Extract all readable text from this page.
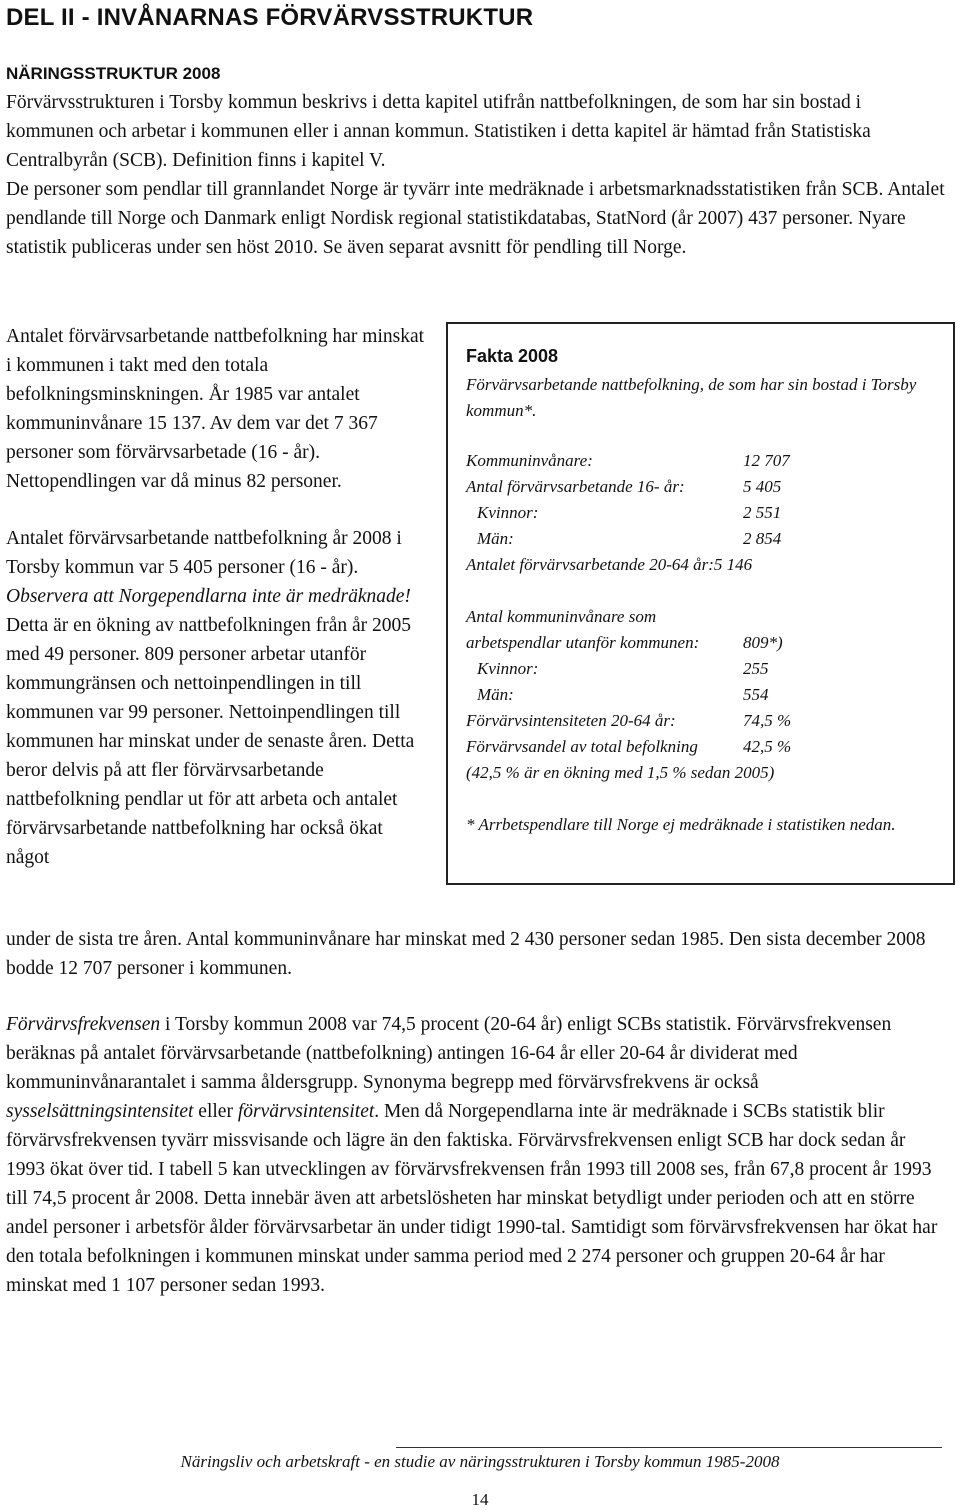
DEL II - INVÅNARNAS FÖRVÄRVSSTRUKTUR
NÄRINGSSTRUKTUR 2008

Förvärvsstrukturen i Torsby kommun beskrivs i detta kapitel utifrån nattbefolkningen, de som har sin bostad i kommunen och arbetar i kommunen eller i annan kommun. Statistiken i detta kapitel är hämtad från Statistiska Centralbyrån (SCB). Definition finns i kapitel V.

De personer som pendlar till grannlandet Norge är tyvärr inte medräknade i arbetsmarknadsstatistiken från SCB. Antalet pendlande till Norge och Danmark enligt Nordisk regional statistikdatabas, StatNord (år 2007) 437 personer. Nyare statistik publiceras under sen höst 2010. Se även separat avsnitt för pendling till Norge.

Antalet förvärvsarbetande nattbefolkning har minskat i kommunen i takt med den totala befolkningsminskningen. År 1985 var antalet kommuninvånare 15 137. Av dem var det 7 367 personer som förvärvsarbetade (16 - år). Nettopendlingen var då minus 82 personer.

Antalet förvärvsarbetande nattbefolkning år 2008 i Torsby kommun var 5 405 personer (16 - år). Observera att Norgependlarna inte är medräknade! Detta är en ökning av nattbefolkningen från år 2005 med 49 personer. 809 personer arbetar utanför kommungränsen och nettoinpendlingen in till kommunen var 99 personer. Nettoinpendlingen till kommunen har minskat under de senaste åren. Detta beror delvis på att fler förvärvsarbetande nattbefolkning pendlar ut för att arbeta och antalet förvärvsarbetande nattbefolkning har också ökat något

under de sista tre åren. Antal kommuninvånare har minskat med 2 430 personer sedan 1985. Den sista december 2008 bodde 12 707 personer i kommunen.

Fakta 2008
Förvärvsarbetande nattbefolkning, de som har sin bostad i Torsby kommun*.
Kommuninvånare:	12 707
Antal förvärvsarbetande 16- år:	5 405
Kvinnor:	2 551
Män:	2 854
Antalet förvärvsarbetande 20-64 år:5 146
Antal kommuninvånare som
arbetspendlar utanför kommunen:	809*)
Kvinnor:	255
Män:	554
Förvärvsintensiteten 20-64 år:	74,5 %
Förvärvsandel av total befolkning	42,5 %
(42,5 % är en ökning med 1,5 % sedan 2005)
* Arrbetspendlare till Norge ej medräknade i statistiken nedan.

Förvärvsfrekvensen i Torsby kommun 2008 var 74,5 procent (20-64 år) enligt SCBs statistik. Förvärvsfrekvensen beräknas på antalet förvärvsarbetande (nattbefolkning) antingen 16-64 år eller 20-64 år dividerat med kommuninvånarantalet i samma åldersgrupp. Synonyma begrepp med förvärvsfrekvens är också sysselsättningsintensitet eller förvärvsintensitet. Men då Norgependlarna inte är medräknade i SCBs statistik blir förvärvsfrekvensen tyvärr missvisande och lägre än den faktiska. Förvärvsfrekvensen enligt SCB har dock sedan år 1993 ökat över tid. I tabell 5 kan utvecklingen av förvärvsfrekvensen från 1993 till 2008 ses, från 67,8 procent år 1993 till 74,5 procent år 2008. Detta innebär även att arbetslösheten har minskat betydligt under perioden och att en större andel personer i arbetsför ålder förvärvsarbetar än under tidigt 1990-tal. Samtidigt som förvärvsfrekvensen har ökat har den totala befolkningen i kommunen minskat under samma period med 2 274 personer och gruppen 20-64 år har minskat med 1 107 personer sedan 1993.

Näringsliv och arbetskraft - en studie av näringsstrukturen i Torsby kommun 1985-2008
14
